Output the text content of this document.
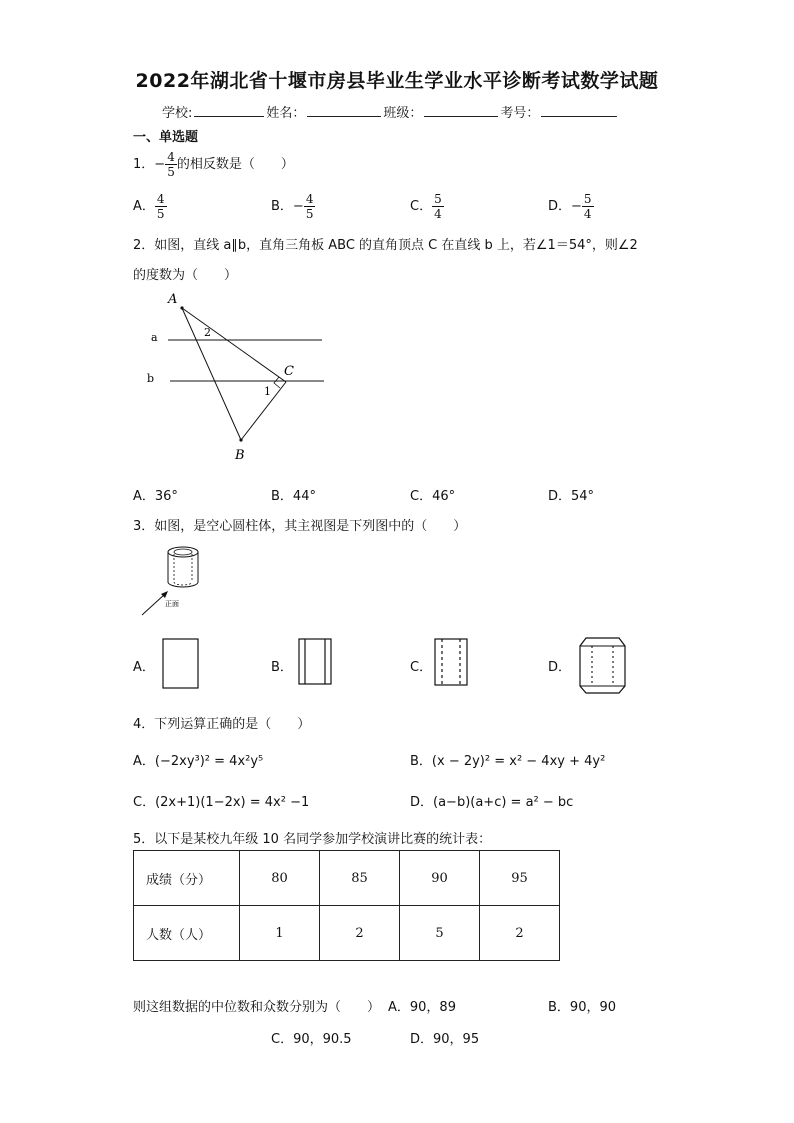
2022年湖北省十堰市房县毕业生学业水平诊断考试数学试题
学校:	姓名：	班级：	考号：
一、单选题
1．− $\frac{4}{5}$ 的相反数是（　　）
A． $\frac{4}{5}$	B．− $\frac{4}{5}$	C． $\frac{5}{4}$	D．− $\frac{5}{4}$
2．如图，直线 a∥b，直角三角板 ABC 的直角顶点 C 在直线 b 上，若∠1＝54°，则∠2
的度数为（　　）
A
B
C
a
b
1
2
A．36°	B．44°	C．46°	D．54°
3．如图，是空心圆柱体，其主视图是下列图中的（　　）
正面
A．	B．	C．	D．
4．下列运算正确的是（　　）
A．(−2xy³)² = 4x²y⁵	B．(x − 2y)² = x² − 4xy + 4y²
C．(2x+1)(1−2x) = 4x² −1	D．(a−b)(a+c) = a² − bc
5．以下是某校九年级 10 名同学参加学校演讲比赛的统计表：
成绩（分）	80	85	90	95
人数（人）	1	2	5	2
则这组数据的中位数和众数分别为（　　） A．90，89	B．90，90
C．90，90.5	D．90，95
